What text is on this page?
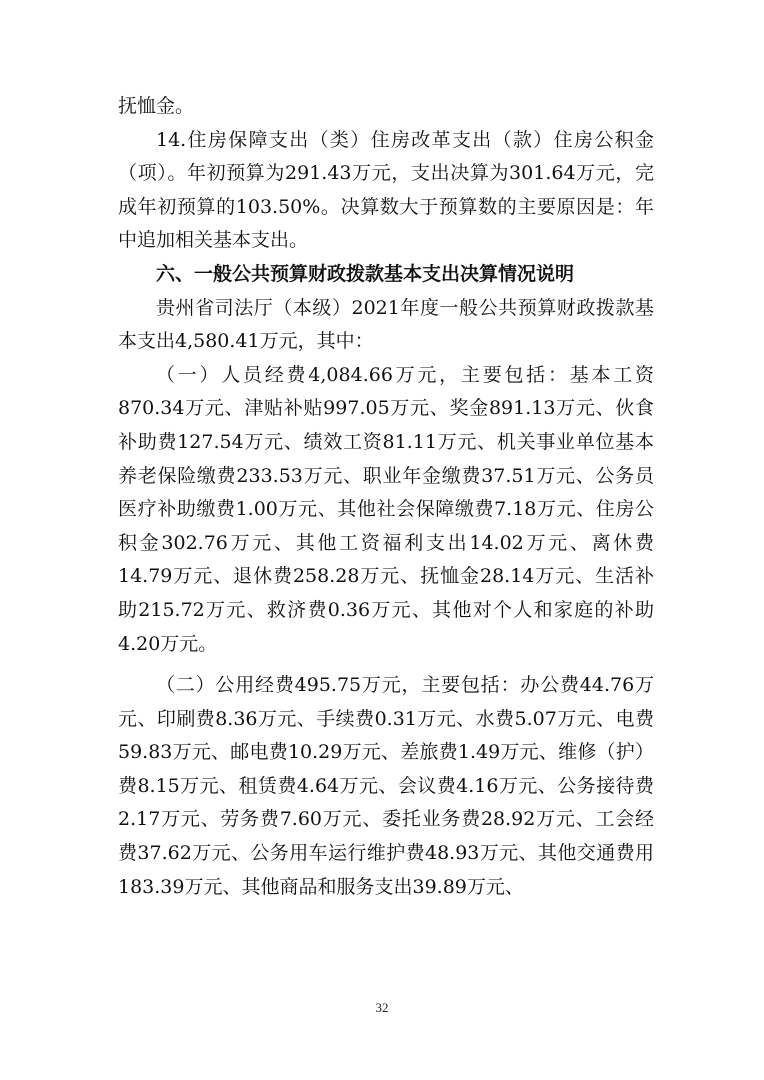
抚恤金。

14.住房保障支出（类）住房改革支出（款）住房公积金（项）。年初预算为291.43万元，支出决算为301.64万元，完成年初预算的103.50%。决算数大于预算数的主要原因是：年中追加相关基本支出。

六、一般公共预算财政拨款基本支出决算情况说明

贵州省司法厅（本级）2021年度一般公共预算财政拨款基本支出4,580.41万元，其中：

（一）人员经费4,084.66万元，主要包括：基本工资870.34万元、津贴补贴997.05万元、奖金891.13万元、伙食补助费127.54万元、绩效工资81.11万元、机关事业单位基本养老保险缴费233.53万元、职业年金缴费37.51万元、公务员医疗补助缴费1.00万元、其他社会保障缴费7.18万元、住房公积金302.76万元、其他工资福利支出14.02万元、离休费14.79万元、退休费258.28万元、抚恤金28.14万元、生活补助215.72万元、救济费0.36万元、其他对个人和家庭的补助4.20万元。

（二）公用经费495.75万元，主要包括：办公费44.76万元、印刷费8.36万元、手续费0.31万元、水费5.07万元、电费59.83万元、邮电费10.29万元、差旅费1.49万元、维修（护）费8.15万元、租赁费4.64万元、会议费4.16万元、公务接待费2.17万元、劳务费7.60万元、委托业务费28.92万元、工会经费37.62万元、公务用车运行维护费48.93万元、其他交通费用183.39万元、其他商品和服务支出39.89万元、

32
